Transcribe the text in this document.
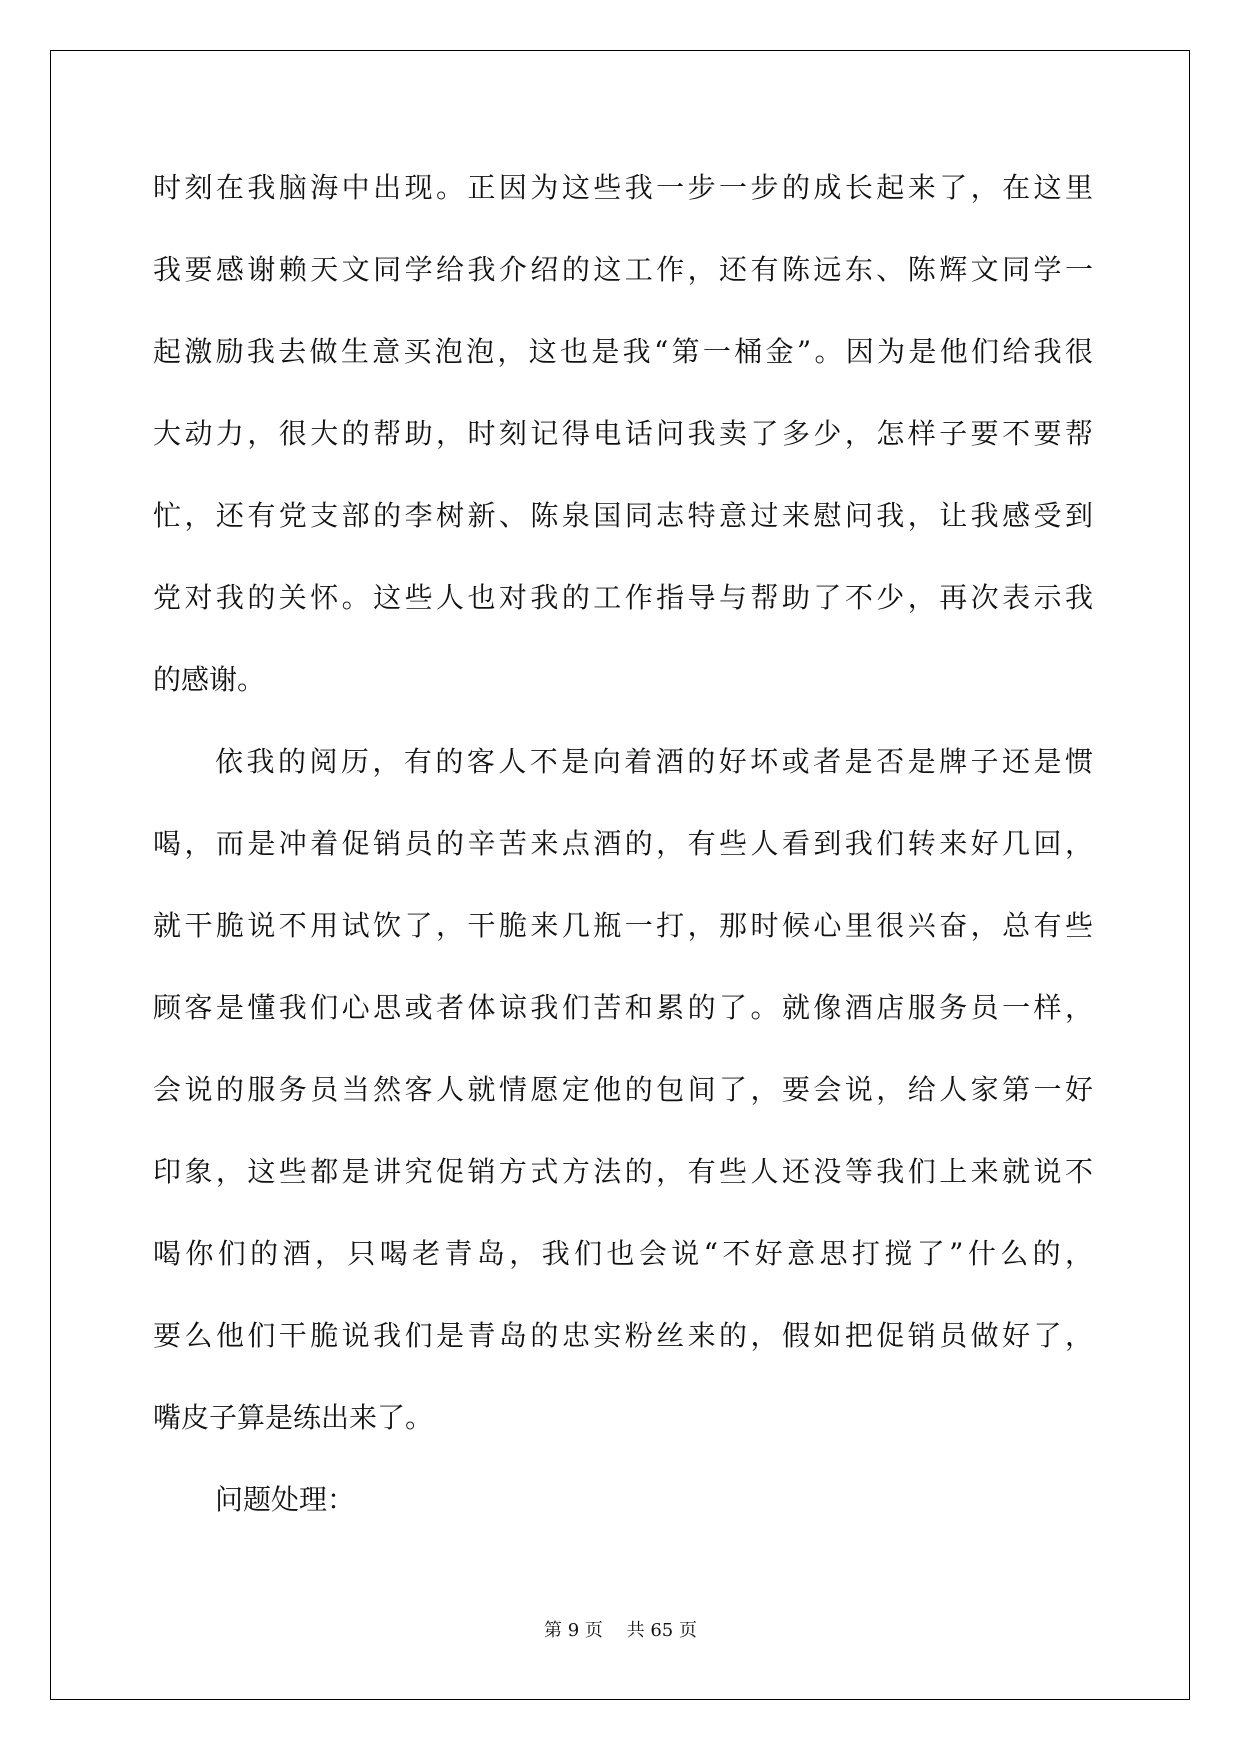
时刻在我脑海中出现。正因为这些我一步一步的成长起来了，在这里
我要感谢赖天文同学给我介绍的这工作，还有陈远东、陈辉文同学一
起激励我去做生意买泡泡，这也是我“第一桶金”。因为是他们给我很
大动力，很大的帮助，时刻记得电话问我卖了多少，怎样子要不要帮
忙，还有党支部的李树新、陈泉国同志特意过来慰问我，让我感受到
党对我的关怀。这些人也对我的工作指导与帮助了不少，再次表示我
的感谢。
依我的阅历，有的客人不是向着酒的好坏或者是否是牌子还是惯
喝，而是冲着促销员的辛苦来点酒的，有些人看到我们转来好几回，
就干脆说不用试饮了，干脆来几瓶一打，那时候心里很兴奋，总有些
顾客是懂我们心思或者体谅我们苦和累的了。就像酒店服务员一样，
会说的服务员当然客人就情愿定他的包间了，要会说，给人家第一好
印象，这些都是讲究促销方式方法的，有些人还没等我们上来就说不
喝你们的酒，只喝老青岛，我们也会说“不好意思打搅了”什么的，
要么他们干脆说我们是青岛的忠实粉丝来的，假如把促销员做好了，
嘴皮子算是练出来了。
问题处理：
第 9 页　 共 65 页
